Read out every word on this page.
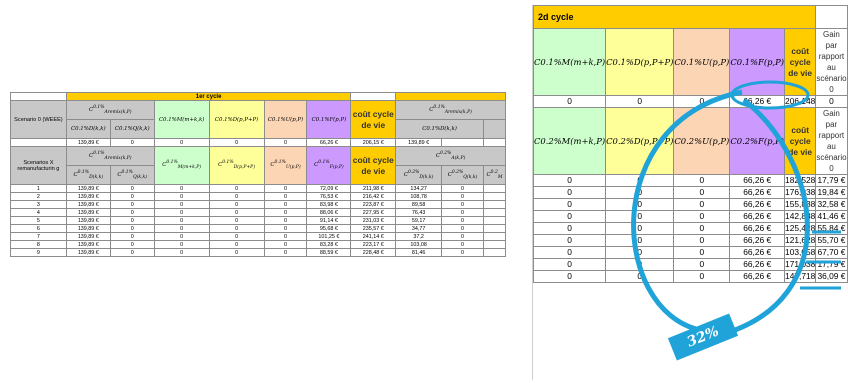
	1er cycle									
Scenario 0 (WEEE)	$C^{0.1\%}_{Aremix(k,P)}$		C0.1%M(m+k,k)	C0.1%D(p,P+P)	C0.1%U(p,P)	C0.1%F(p,P)	coût cycle de vie	$C^{0.1\%}_{Aremix(k,P)}$
	C0.1%D(k,k)	C0.1%Q(k,k)						C0.1%D(k,k)		
	139,89 €	0	0	0	0	66,26 €	206,15 €	139,89 €		
Scenarios X remanufacturin g	$C^{0.1\%}_{Aremix(k,P)}$		$C^{0.1\%}_{M(m+k,P)}$	$C^{0.1\%}_{D(p,P+P)}$	$C^{0.1\%}_{U(p,P)}$	$C^{0.1\%}_{F(p,P)}$	coût cycle de vie	$C^{0.2\%}_{A(k,P)}$
	$C^{0.1\%}_{D(k,k)}$	$C^{0.1\%}_{Q(k,k)}$						$C^{0.2\%}_{D(k,k)}$	$C^{0.2\%}_{Q(k,k)}$	$C^{0.2}_M$
1	139,89 €	0	0	0	0	72,09 €	211,98 €	134,27	0	
2	139,89 €	0	0	0	0	76,53 €	216,42 €	108,78	0	
3	139,89 €	0	0	0	0	83,98 €	223,87 €	89,58	0	
4	139,89 €	0	0	0	0	88,06 €	227,95 €	76,43	0	
5	139,89 €	0	0	0	0	91,14 €	231,03 €	59,17	0	
6	139,89 €	0	0	0	0	95,68 €	235,57 €	34,77	0	
7	139,89 €	0	0	0	0	101,25 €	241,14 €	37,2	0	
8	139,89 €	0	0	0	0	83,28 €	223,17 €	103,08	0	
9	139,89 €	0	0	0	0	88,59 €	228,48 €	81,46	0	
2d cycle					
C0.1%M(m+k,P)	C0.1%D(p,P+P)	C0.1%U(p,P)	C0.1%F(p,P)	coût cycle de vie	Gain par rapport au scénario 0
0	0	0	66,26 €	206,148	0
C0.2%M(m+k,P)	C0.2%D(p,P+P)	C0.2%U(p,P)	C0.2%F(p,P)	coût cycle de vie	Gain par rapport au scénario 0
0	0	0	66,26 €	182,528	17,79 €
0	0	0	66,26 €	176,038	19,84 €
0	0	0	66,26 €	155,838	32,58 €
0	0	0	66,26 €	142,888	41,46 €
0	0	0	66,26 €	125,428	55,84 €
0	0	0	66,26 €	121,628	55,70 €
0	0	0	66,26 €	103,058	67,70 €
0	0	0	66,26 €	171,038	17,79 €
0	0	0	66,26 €	147,718	36,09 €
32%
